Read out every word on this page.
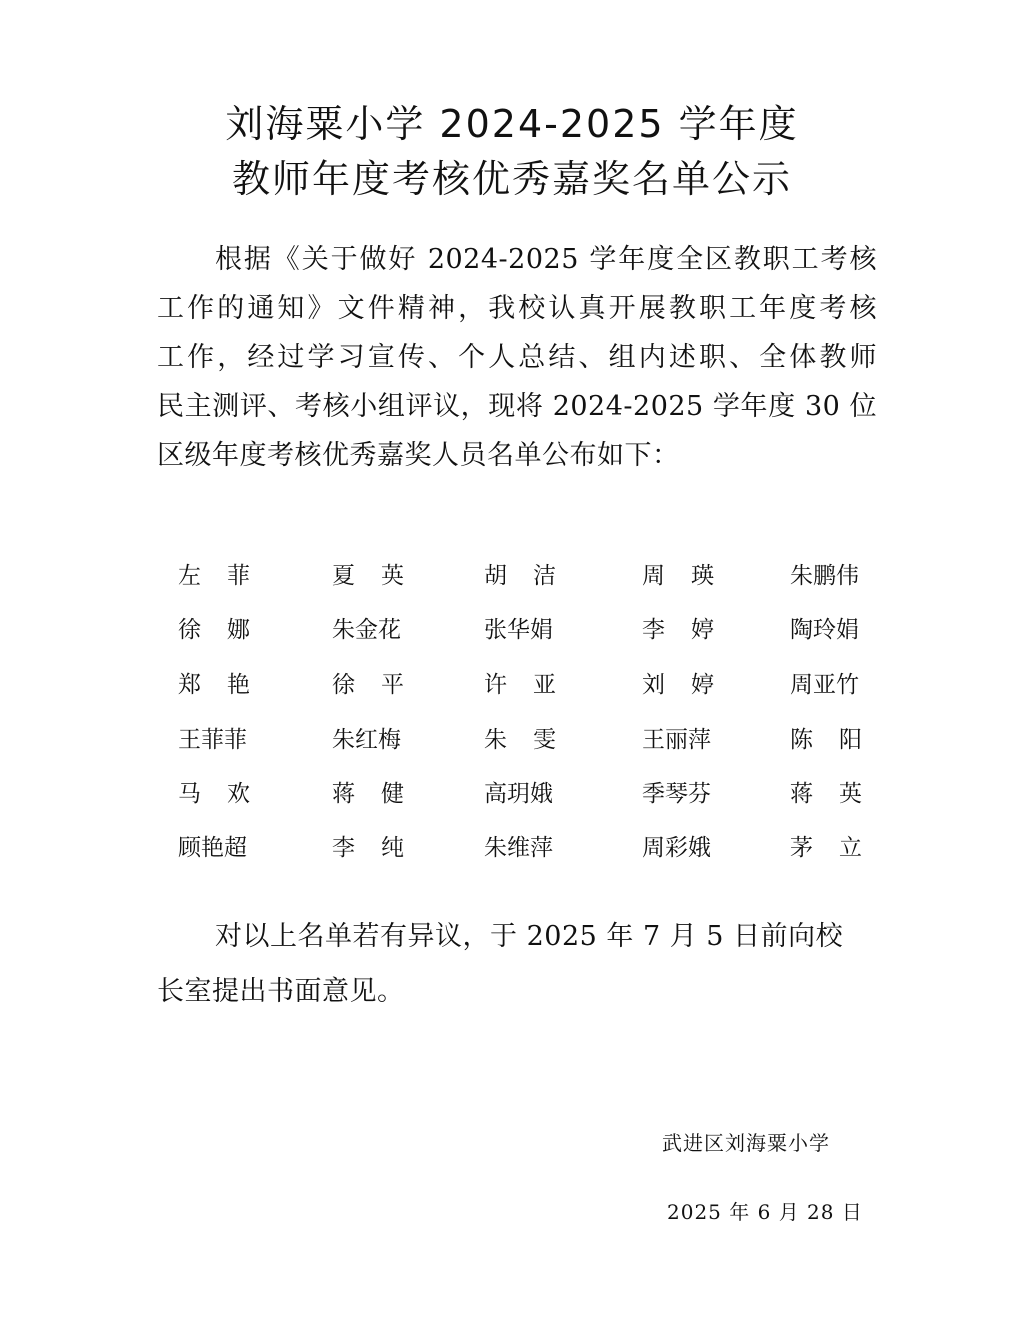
刘海粟小学 2024-2025 学年度
教师年度考核优秀嘉奖名单公示
根据《关于做好 2024-2025 学年度全区教职工考核
工作的通知》文件精神，我校认真开展教职工年度考核
工作，经过学习宣传、个人总结、组内述职、全体教师
民主测评、考核小组评议，现将 2024-2025 学年度 30 位
区级年度考核优秀嘉奖人员名单公布如下：
左 菲	夏 英	胡 洁	周 瑛	朱鹏伟
徐 娜	朱金花	张华娟	李 婷	陶玲娟
郑 艳	徐 平	许 亚	刘 婷	周亚竹
王菲菲	朱红梅	朱 雯	王丽萍	陈 阳
马 欢	蒋 健	高玥娥	季琴芬	蒋 英
顾艳超	李 纯	朱维萍	周彩娥	茅 立
对以上名单若有异议，于 2025 年 7 月 5 日前向校
长室提出书面意见。
武进区刘海粟小学
2025 年 6 月 28 日
